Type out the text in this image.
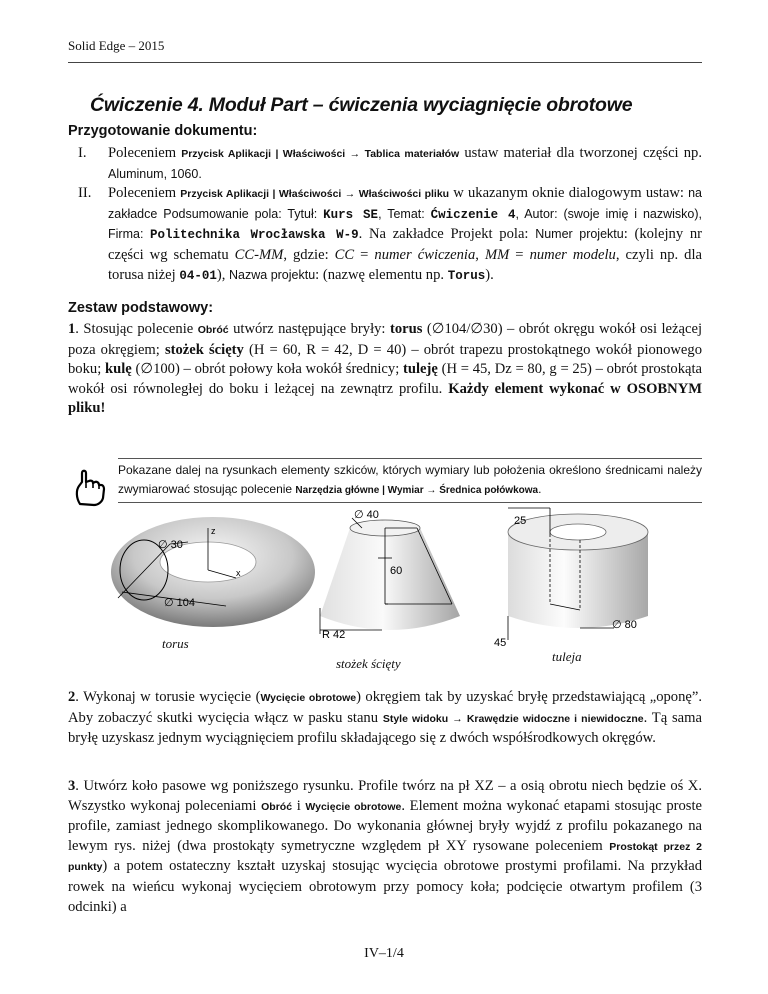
Solid Edge – 2015
Ćwiczenie 4. Moduł Part – ćwiczenia wyciagnięcie obrotowe
Przygotowanie dokumentu:
I.	Poleceniem Przycisk Aplikacji | Właściwości → Tablica materiałów ustaw materiał dla tworzonej części np. Aluminum, 1060.
II.	Poleceniem Przycisk Aplikacji | Właściwości → Właściwości pliku w ukazanym oknie dialogowym ustaw: na zakładce Podsumowanie pola: Tytuł: Kurs SE, Temat: Ćwiczenie 4, Autor: (swoje imię i nazwisko), Firma: Politechnika Wrocławska W-9. Na zakładce Projekt pola: Numer projektu: (kolejny nr części wg schematu CC-MM, gdzie: CC = numer ćwiczenia, MM = numer modelu, czyli np. dla torusa niżej 04-01), Nazwa projektu: (nazwę elementu np. Torus).
Zestaw podstawowy:
1. Stosując polecenie Obróć utwórz następujące bryły: torus (∅104/∅30) – obrót okręgu wokół osi leżącej poza okręgiem; stożek ścięty (H = 60, R = 42, D = 40) – obrót trapezu prostokątnego wokół pionowego boku; kulę (∅100) – obrót połowy koła wokół średnicy; tuleję (H = 45, Dz = 80, g = 25) – obrót prostokąta wokół osi równoległej do boku i leżącej na zewnątrz profilu. Każdy element wykonać w OSOBNYM pliku!
Pokazane dalej na rysunkach elementy szkiców, których wymiary lub położenia określono średnicami należy zwymiarować stosując polecenie Narzędzia główne | Wymiar → Średnica połówkowa.
∅ 30
z
x
∅ 104
torus
∅ 40
60
R 42
stożek ścięty
25
∅ 80
45
tuleja
2. Wykonaj w torusie wycięcie (Wycięcie obrotowe) okręgiem tak by uzyskać bryłę przedstawiającą „oponę”. Aby zobaczyć skutki wycięcia włącz w pasku stanu Style widoku → Krawędzie widoczne i niewidoczne. Tą sama bryłę uzyskasz jednym wyciągnięciem profilu składającego się z dwóch współśrodkowych okręgów.
3. Utwórz koło pasowe wg poniższego rysunku. Profile twórz na pł XZ – a osią obrotu niech będzie oś X. Wszystko wykonaj poleceniami Obróć i Wycięcie obrotowe. Element można wykonać etapami stosując proste profile, zamiast jednego skomplikowanego. Do wykonania głównej bryły wyjdź z profilu pokazanego na lewym rys. niżej (dwa prostokąty symetryczne względem pł XY rysowane poleceniem Prostokąt przez 2 punkty) a potem ostateczny kształt uzyskaj stosując wycięcia obrotowe prostymi profilami. Na przykład rowek na wieńcu wykonaj wycięciem obrotowym przy pomocy koła; podcięcie otwartym profilem (3 odcinki) a
IV–1/4
